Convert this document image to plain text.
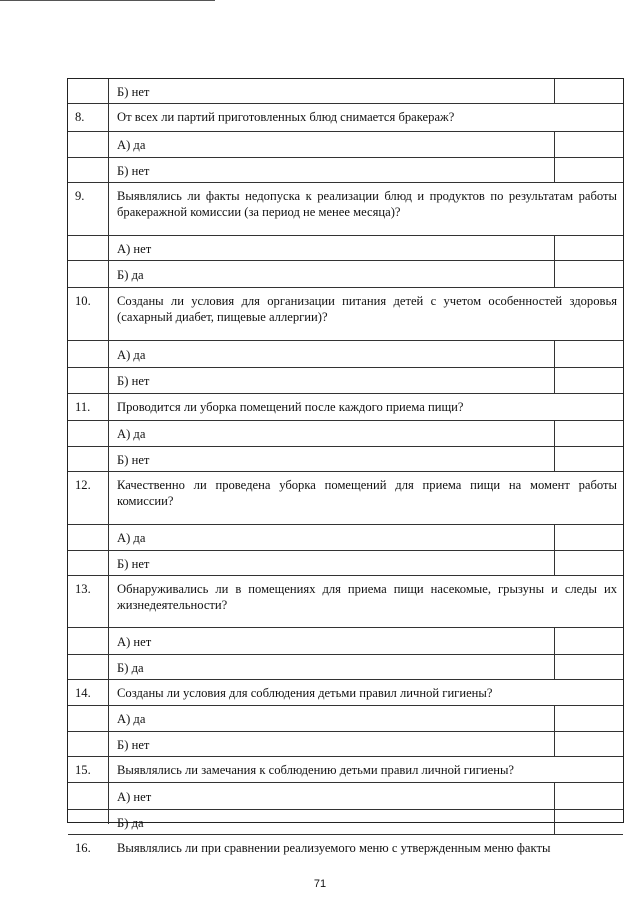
Б) нет
8.	От всех ли партий приготовленных блюд снимается бракераж?
А) да
Б) нет
9.	Выявлялись ли факты недопуска к реализации блюд и продуктов по результатам работы бракеражной комиссии (за период не менее месяца)?
А) нет
Б) да
10. Созданы ли условия для организации питания детей с учетом особенностей здоровья (сахарный диабет, пищевые аллергии)?
А) да
Б) нет
11. Проводится ли уборка помещений после каждого приема пищи?
А) да
Б) нет
12. Качественно ли проведена уборка помещений для приема пищи на момент работы комиссии?
А) да
Б) нет
13. Обнаруживались ли в помещениях для приема пищи насекомые, грызуны и следы их жизнедеятельности?
А) нет
Б) да
14. Созданы ли условия для соблюдения детьми правил личной гигиены?
А) да
Б) нет
15. Выявлялись ли замечания к соблюдению детьми правил личной гигиены?
А) нет
Б) да
16. Выявлялись ли при сравнении реализуемого меню с утвержденным меню факты
71
